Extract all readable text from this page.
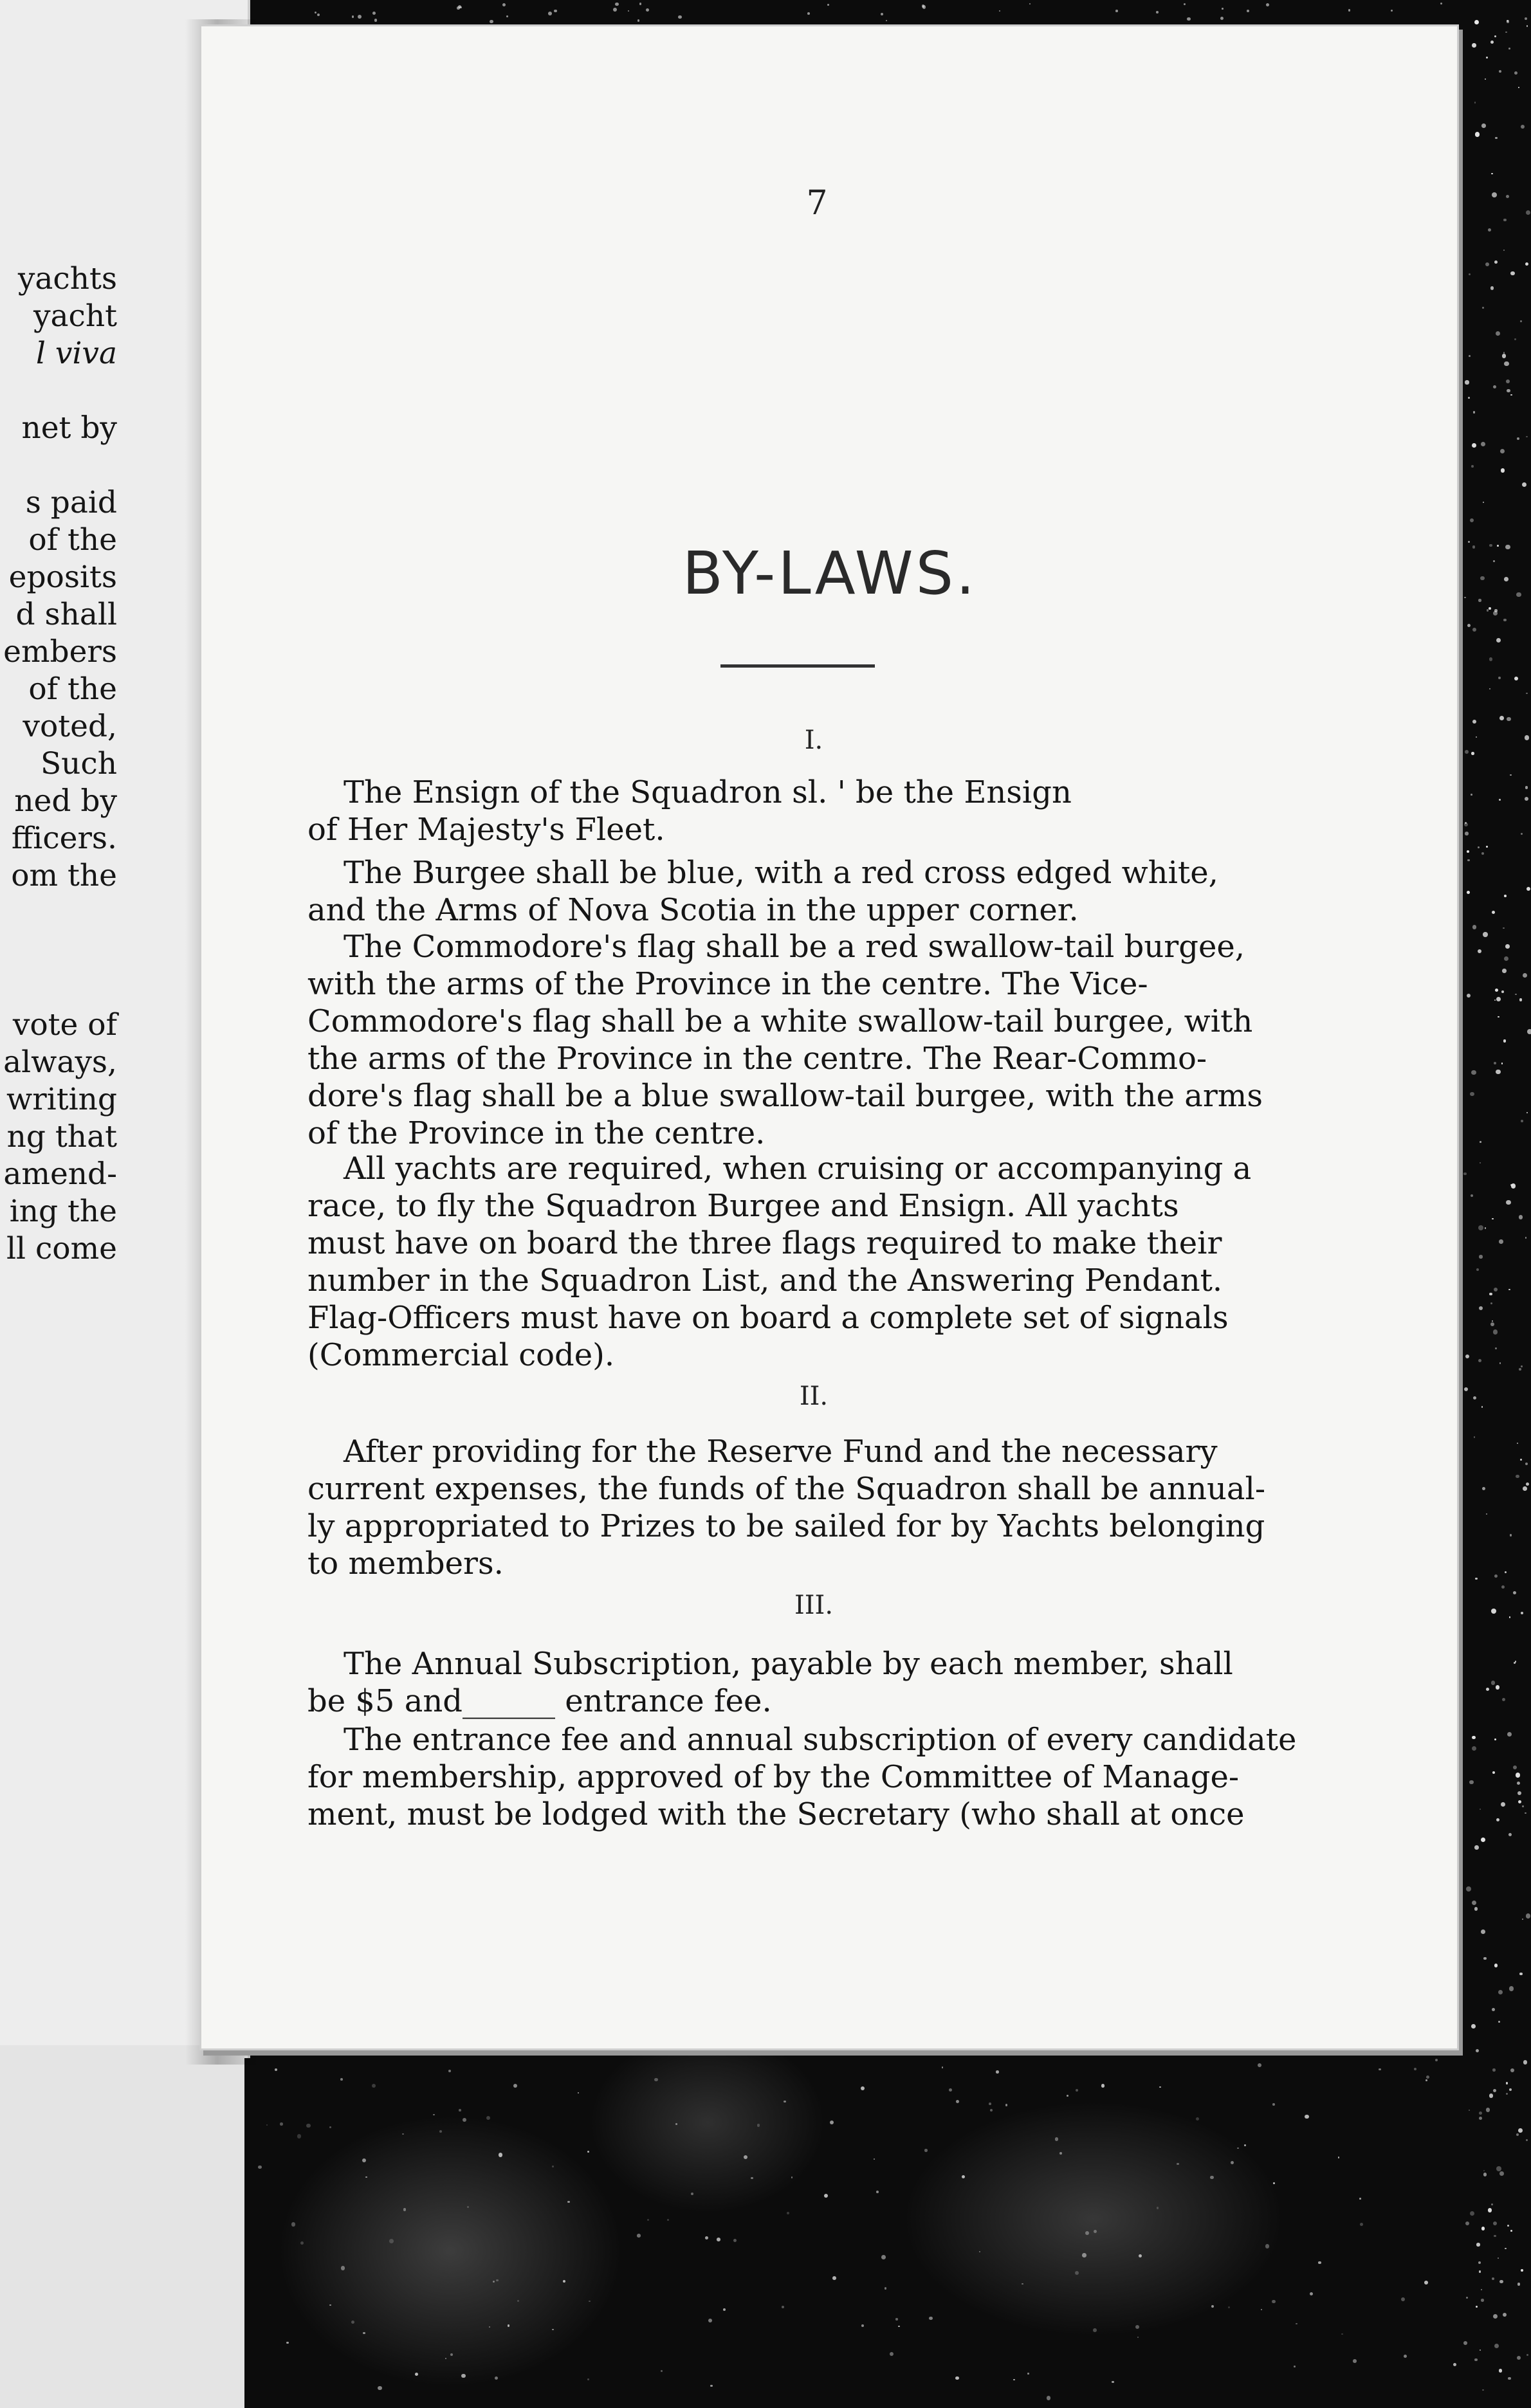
yachts
yacht
l viva
net by
s paid
of the
eposits
d shall
embers
of the
voted,
Such
ned by
fficers.
om the
vote of
always,
writing
ng that
amend-
ing the
ll come
7
BY-LAWS.
I.
The Ensign of the Squadron sl. ' be the Ensign
of Her Majesty's Fleet.
The Burgee shall be blue, with a red cross edged white,
and the Arms of Nova Scotia in the upper corner.
The Commodore's flag shall be a red swallow-tail burgee,
with the arms of the Province in the centre. The Vice-
Commodore's flag shall be a white swallow-tail burgee, with
the arms of the Province in the centre. The Rear-Commo-
dore's flag shall be a blue swallow-tail burgee, with the arms
of the Province in the centre.
All yachts are required, when cruising or accompanying a
race, to fly the Squadron Burgee and Ensign. All yachts
must have on board the three flags required to make their
number in the Squadron List, and the Answering Pendant.
Flag-Officers must have on board a complete set of signals
(Commercial code).
II.
After providing for the Reserve Fund and the necessary
current expenses, the funds of the Squadron shall be annual-
ly appropriated to Prizes to be sailed for by Yachts belonging
to members.
III.
The Annual Subscription, payable by each member, shall
be $5 and______ entrance fee.
The entrance fee and annual subscription of every candidate
for membership, approved of by the Committee of Manage-
ment, must be lodged with the Secretary (who shall at once
